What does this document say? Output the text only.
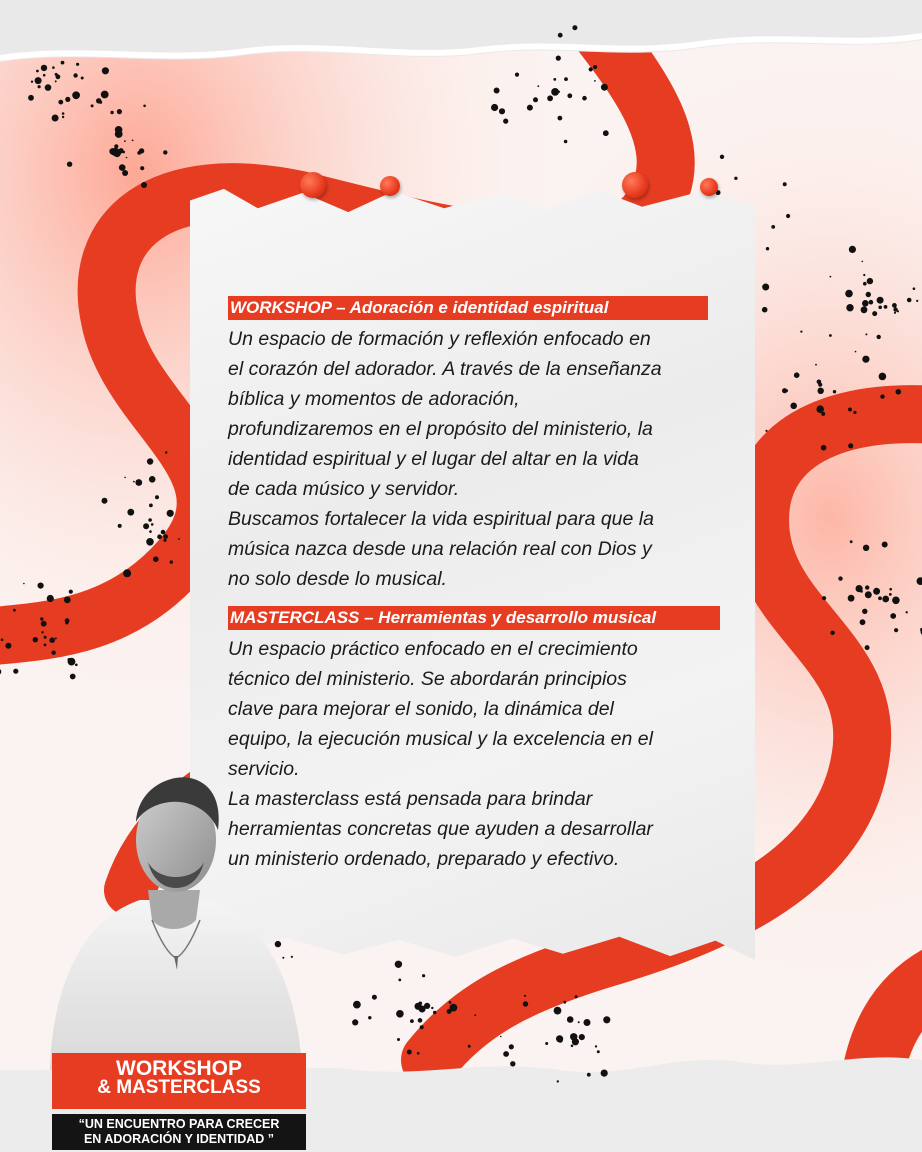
WORKSHOP – Adoración e identidad espiritual

Un espacio de formación y reflexión enfocado en
el corazón del adorador. A través de la enseñanza
bíblica y momentos de adoración,
profundizaremos en el propósito del ministerio, la
identidad espiritual y el lugar del altar en la vida
de cada músico y servidor.
Buscamos fortalecer la vida espiritual para que la
música nazca desde una relación real con Dios y
no solo desde lo musical.

MASTERCLASS – Herramientas y desarrollo musical

Un espacio práctico enfocado en el crecimiento
técnico del ministerio. Se abordarán principios
clave para mejorar el sonido, la dinámica del
equipo, la ejecución musical y la excelencia en el
servicio.
La masterclass está pensada para brindar
herramientas concretas que ayuden a desarrollar
un ministerio ordenado, preparado y efectivo.

WORKSHOP
& MASTERCLASS
“UN ENCUENTRO PARA CRECER
EN ADORACIÓN Y IDENTIDAD ”
